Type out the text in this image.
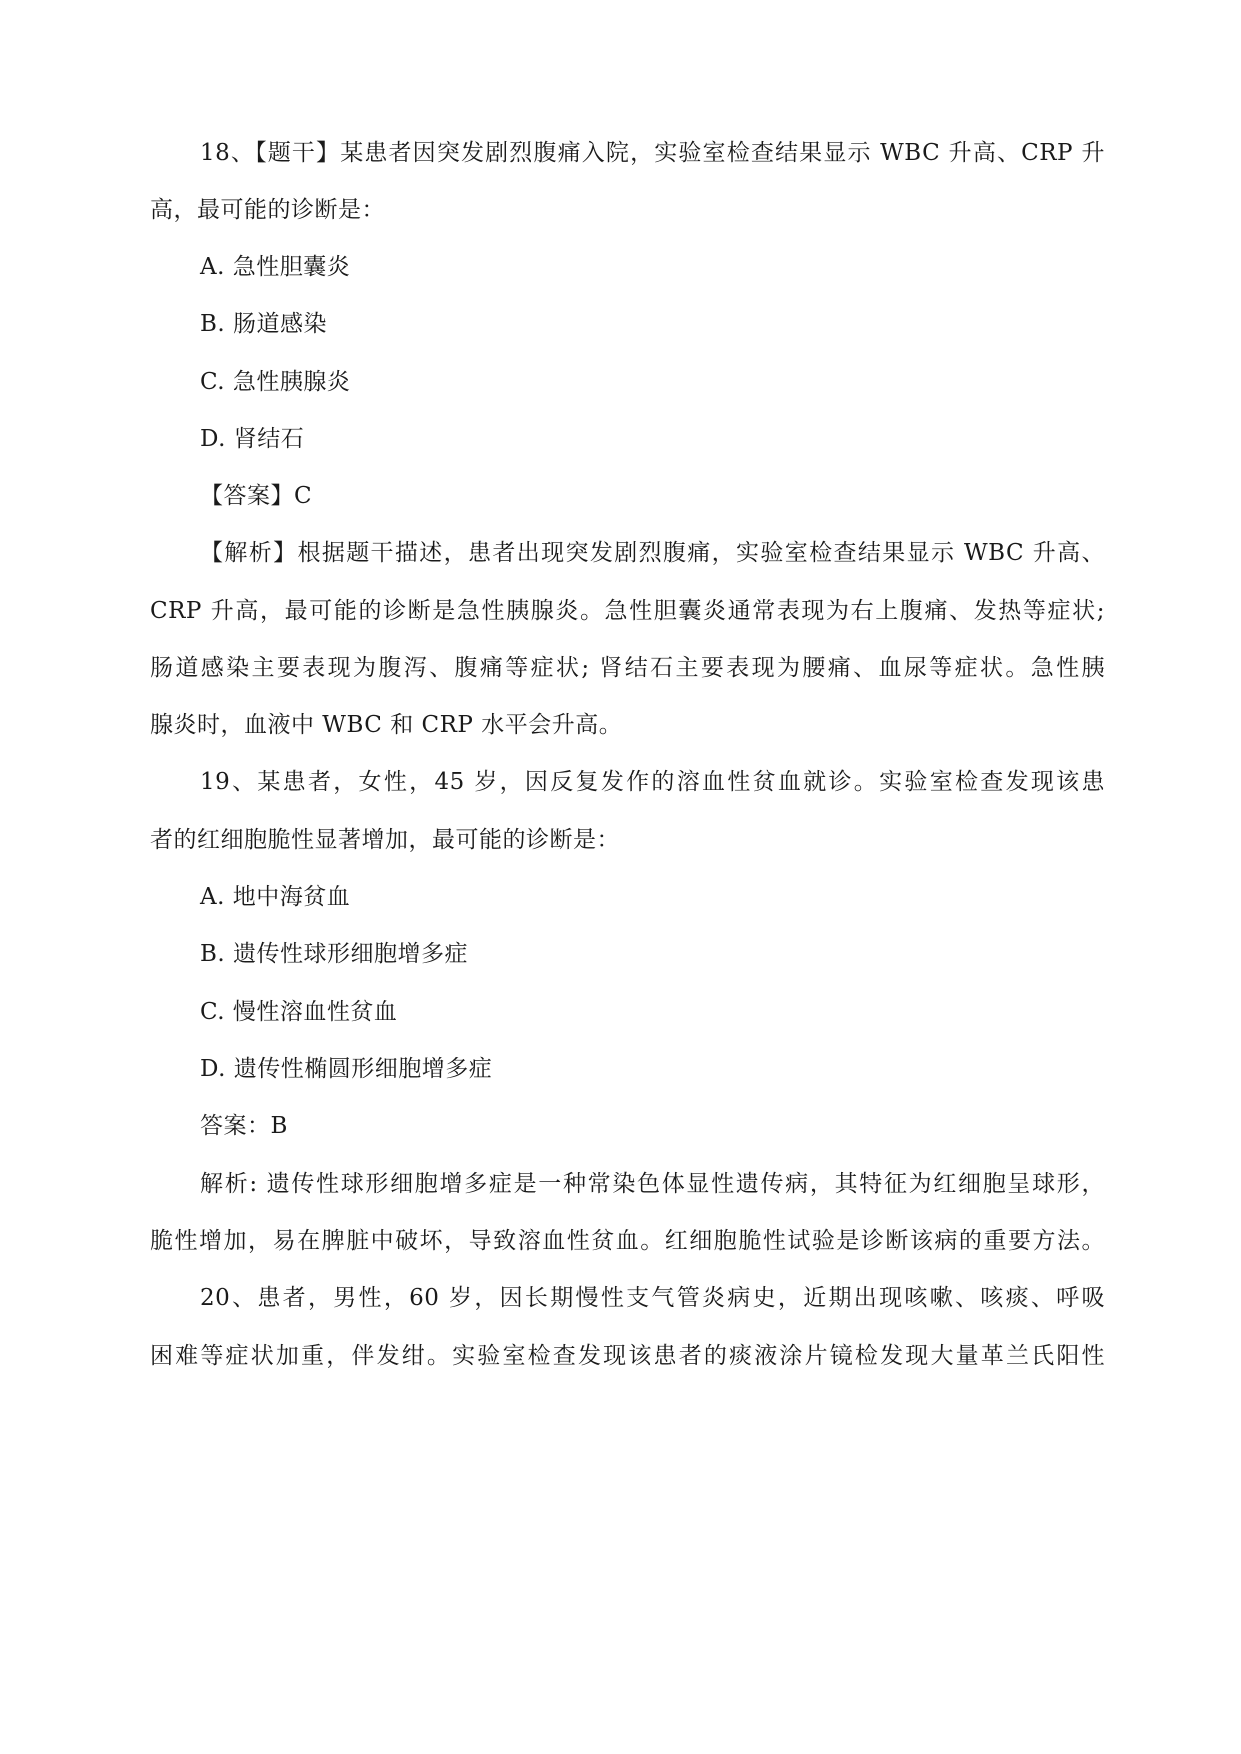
18、【题干】某患者因突发剧烈腹痛入院，实验室检查结果显示 WBC 升高、CRP 升
高，最可能的诊断是：
A. 急性胆囊炎
B. 肠道感染
C. 急性胰腺炎
D. 肾结石
【答案】C
【解析】根据题干描述，患者出现突发剧烈腹痛，实验室检查结果显示 WBC 升高、
CRP 升高，最可能的诊断是急性胰腺炎。急性胆囊炎通常表现为右上腹痛、发热等症状;
肠道感染主要表现为腹泻、腹痛等症状; 肾结石主要表现为腰痛、血尿等症状。急性胰
腺炎时，血液中 WBC 和 CRP 水平会升高。
19、某患者，女性，45 岁，因反复发作的溶血性贫血就诊。实验室检查发现该患
者的红细胞脆性显著增加，最可能的诊断是：
A. 地中海贫血
B. 遗传性球形细胞增多症
C. 慢性溶血性贫血
D. 遗传性椭圆形细胞增多症
答案：B
解析: 遗传性球形细胞增多症是一种常染色体显性遗传病，其特征为红细胞呈球形，
脆性增加，易在脾脏中破坏，导致溶血性贫血。红细胞脆性试验是诊断该病的重要方法。
20、患者，男性，60 岁，因长期慢性支气管炎病史，近期出现咳嗽、咳痰、呼吸
困难等症状加重，伴发绀。实验室检查发现该患者的痰液涂片镜检发现大量革兰氏阳性
